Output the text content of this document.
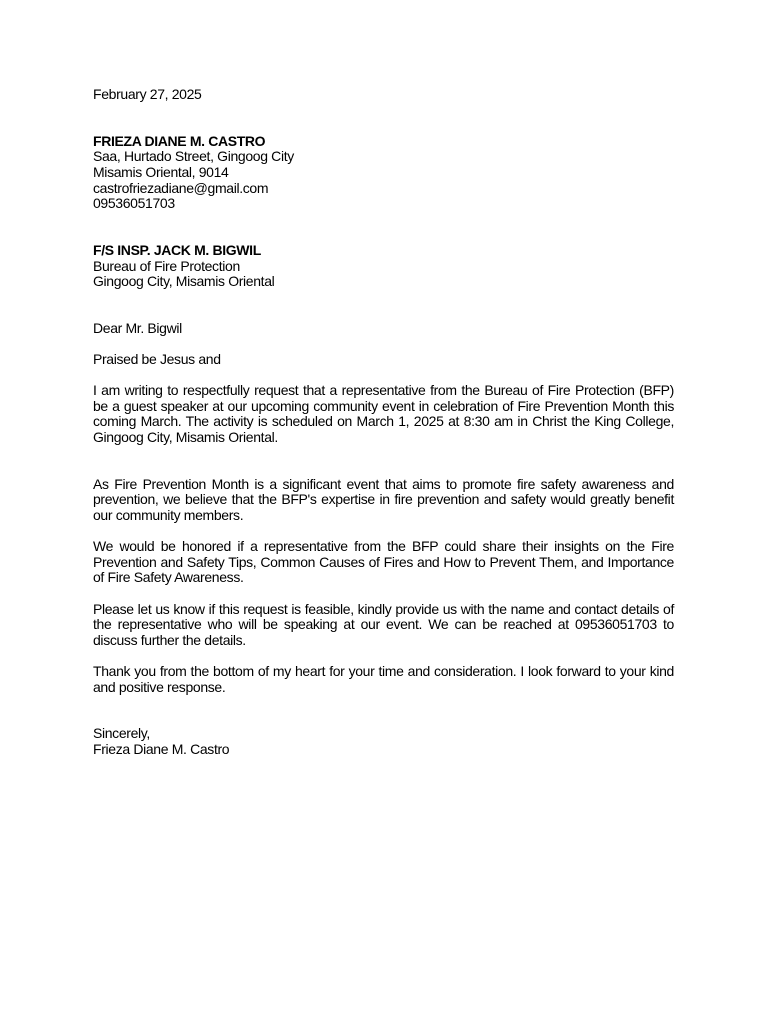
February 27, 2025
FRIEZA DIANE M. CASTRO
Saa, Hurtado Street, Gingoog City
Misamis Oriental, 9014
castrofriezadiane@gmail.com
09536051703
F/S INSP. JACK M. BIGWIL
Bureau of Fire Protection
Gingoog City, Misamis Oriental
Dear Mr. Bigwil
Praised be Jesus and
I am writing to respectfully request that a representative from the Bureau of Fire Protection (BFP) be a guest speaker at our upcoming community event in celebration of Fire Prevention Month this coming March. The activity is scheduled on March 1, 2025 at 8:30 am in Christ the King College, Gingoog City, Misamis Oriental.
As Fire Prevention Month is a significant event that aims to promote fire safety awareness and prevention, we believe that the BFP's expertise in fire prevention and safety would greatly benefit our community members.
We would be honored if a representative from the BFP could share their insights on the Fire Prevention and Safety Tips, Common Causes of Fires and How to Prevent Them, and Importance of Fire Safety Awareness.
Please let us know if this request is feasible, kindly provide us with the name and contact details of the representative who will be speaking at our event. We can be reached at 09536051703 to discuss further the details.
Thank you from the bottom of my heart for your time and consideration. I look forward to your kind and positive response.
Sincerely,
Frieza Diane M. Castro
